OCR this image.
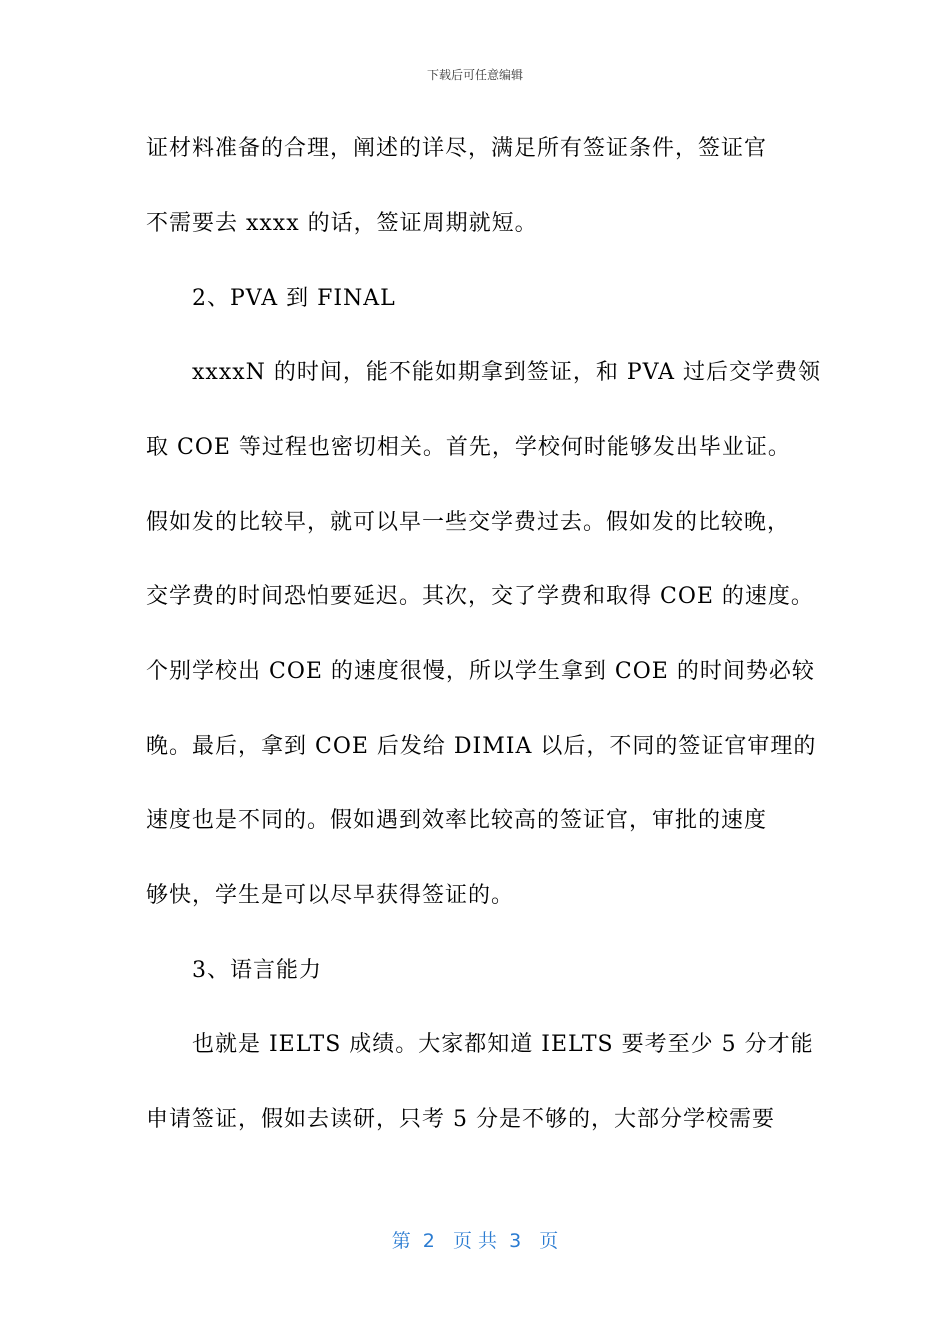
下载后可任意编辑
证材料准备的合理，阐述的详尽，满足所有签证条件，签证官
不需要去 xxxx 的话，签证周期就短。
2、PVA 到 FINAL
xxxxN 的时间，能不能如期拿到签证，和 PVA 过后交学费领
取 COE 等过程也密切相关。首先，学校何时能够发出毕业证。
假如发的比较早，就可以早一些交学费过去。假如发的比较晚，
交学费的时间恐怕要延迟。其次，交了学费和取得 COE 的速度。
个别学校出 COE 的速度很慢，所以学生拿到 COE 的时间势必较
晚。最后，拿到 COE 后发给 DIMIA 以后，不同的签证官审理的
速度也是不同的。假如遇到效率比较高的签证官，审批的速度
够快，学生是可以尽早获得签证的。
3、语言能力
也就是 IELTS 成绩。大家都知道 IELTS 要考至少 5 分才能
申请签证，假如去读研，只考 5 分是不够的，大部分学校需要
第  2   页 共  3   页
